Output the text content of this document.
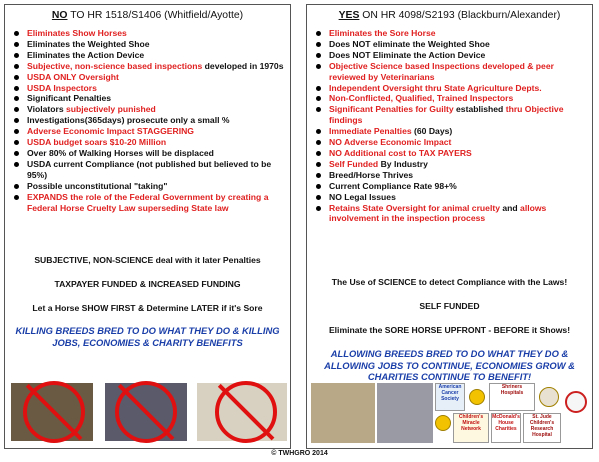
NO TO HR 1518/S1406 (Whitfield/Ayotte)
Eliminates Show Horses
Eliminates the Weighted Shoe
Eliminates the Action Device
Subjective, non-science based inspections developed in 1970s
USDA ONLY Oversight
USDA Inspectors
Significant Penalties
Violators subjectively punished
Investigations(365days) prosecute only a small %
Adverse Economic Impact STAGGERING
USDA budget soars $10-20 Million
Over 80% of Walking Horses will be displaced
USDA current Compliance (not published but believed to be 95%)
Possible unconstitutional "taking"
EXPANDS the role of the Federal Government by creating a Federal Horse Cruelty Law superseding State law
SUBJECTIVE, NON-SCIENCE deal with it later Penalties
TAXPAYER FUNDED & INCREASED FUNDING
Let a Horse SHOW FIRST & Determine LATER if it's Sore
KILLING BREEDS BRED TO DO WHAT THEY DO & KILLING JOBS, ECONOMIES & CHARITY BENEFITS
YES ON HR 4098/S2193 (Blackburn/Alexander)
Eliminates the Sore Horse
Does NOT eliminate the Weighted Shoe
Does NOT Eliminate the Action Device
Objective Science based Inspections developed & peer reviewed by Veterinarians
Independent Oversight thru State Agriculture Depts.
Non-Conflicted, Qualified, Trained Inspectors
Significant Penalties for Guilty established thru Objective findings
Immediate Penalties (60 Days)
NO Adverse Economic Impact
NO Additional cost to TAX PAYERS
Self Funded By Industry
Breed/Horse Thrives
Current Compliance Rate 98+%
NO Legal Issues
Retains State Oversight for animal cruelty and allows involvement in the inspection process
The Use of SCIENCE to detect Compliance with the Laws!
SELF FUNDED
Eliminate the SORE HORSE UPFRONT - BEFORE it Shows!
ALLOWING BREEDS BRED TO DO WHAT THEY DO & ALLOWING JOBS TO CONTINUE, ECONOMIES GROW & CHARITIES CONTINUE TO BENEFIT!
American Cancer Society
Shriners Hospitals
Children's Miracle Network
McDonald's House Charities
St. Jude Children's Research Hospital
© TWHGRO 2014
